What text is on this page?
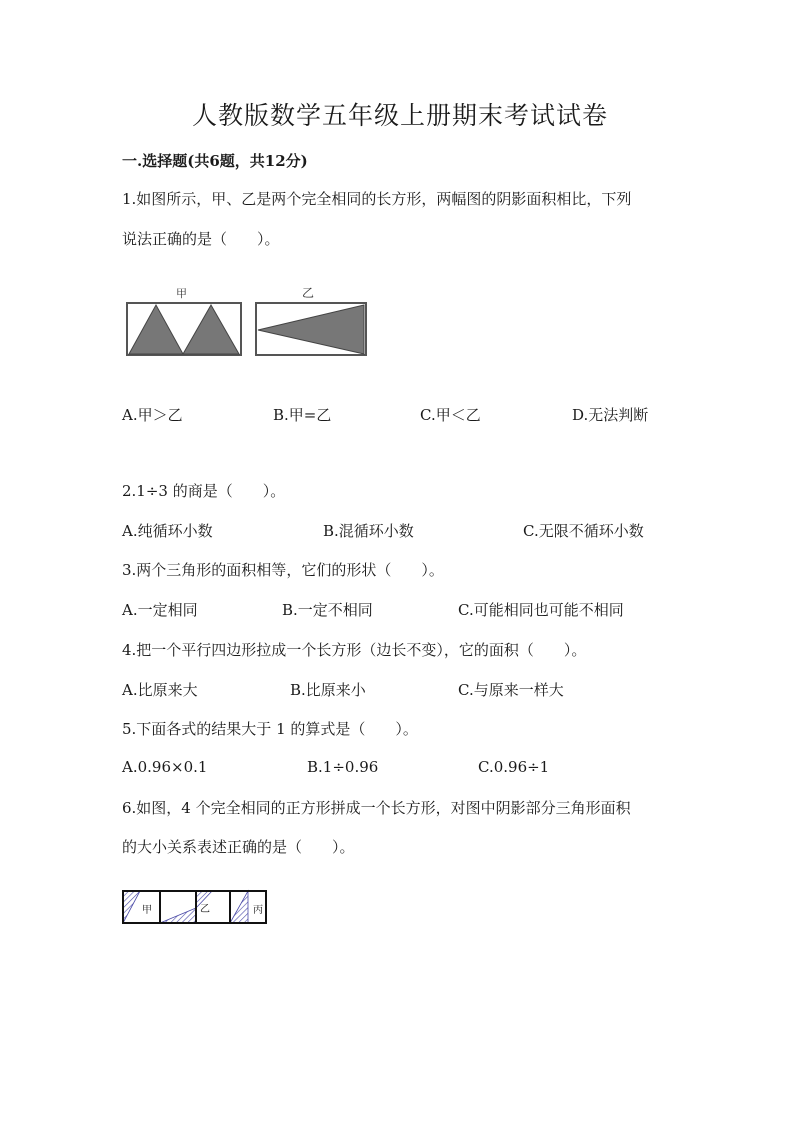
人教版数学五年级上册期末考试试卷
一.选择题(共6题，共12分)
1.如图所示，甲、乙是两个完全相同的长方形，两幅图的阴影面积相比，下列
说法正确的是（　　）。
甲	乙
A.甲＞乙	B.甲=乙	C.甲＜乙	D.无法判断
2.1÷3 的商是（　　）。
A.纯循环小数	B.混循环小数	C.无限不循环小数
3.两个三角形的面积相等，它们的形状（　　）。
A.一定相同	B.一定不相同	C.可能相同也可能不相同
4.把一个平行四边形拉成一个长方形（边长不变），它的面积（　　）。
A.比原来大	B.比原来小	C.与原来一样大
5.下面各式的结果大于 1 的算式是（　　）。
A.0.96×0.1	B.1÷0.96	C.0.96÷1
6.如图，4 个完全相同的正方形拼成一个长方形，对图中阴影部分三角形面积
的大小关系表述正确的是（　　）。
甲	乙	丙
